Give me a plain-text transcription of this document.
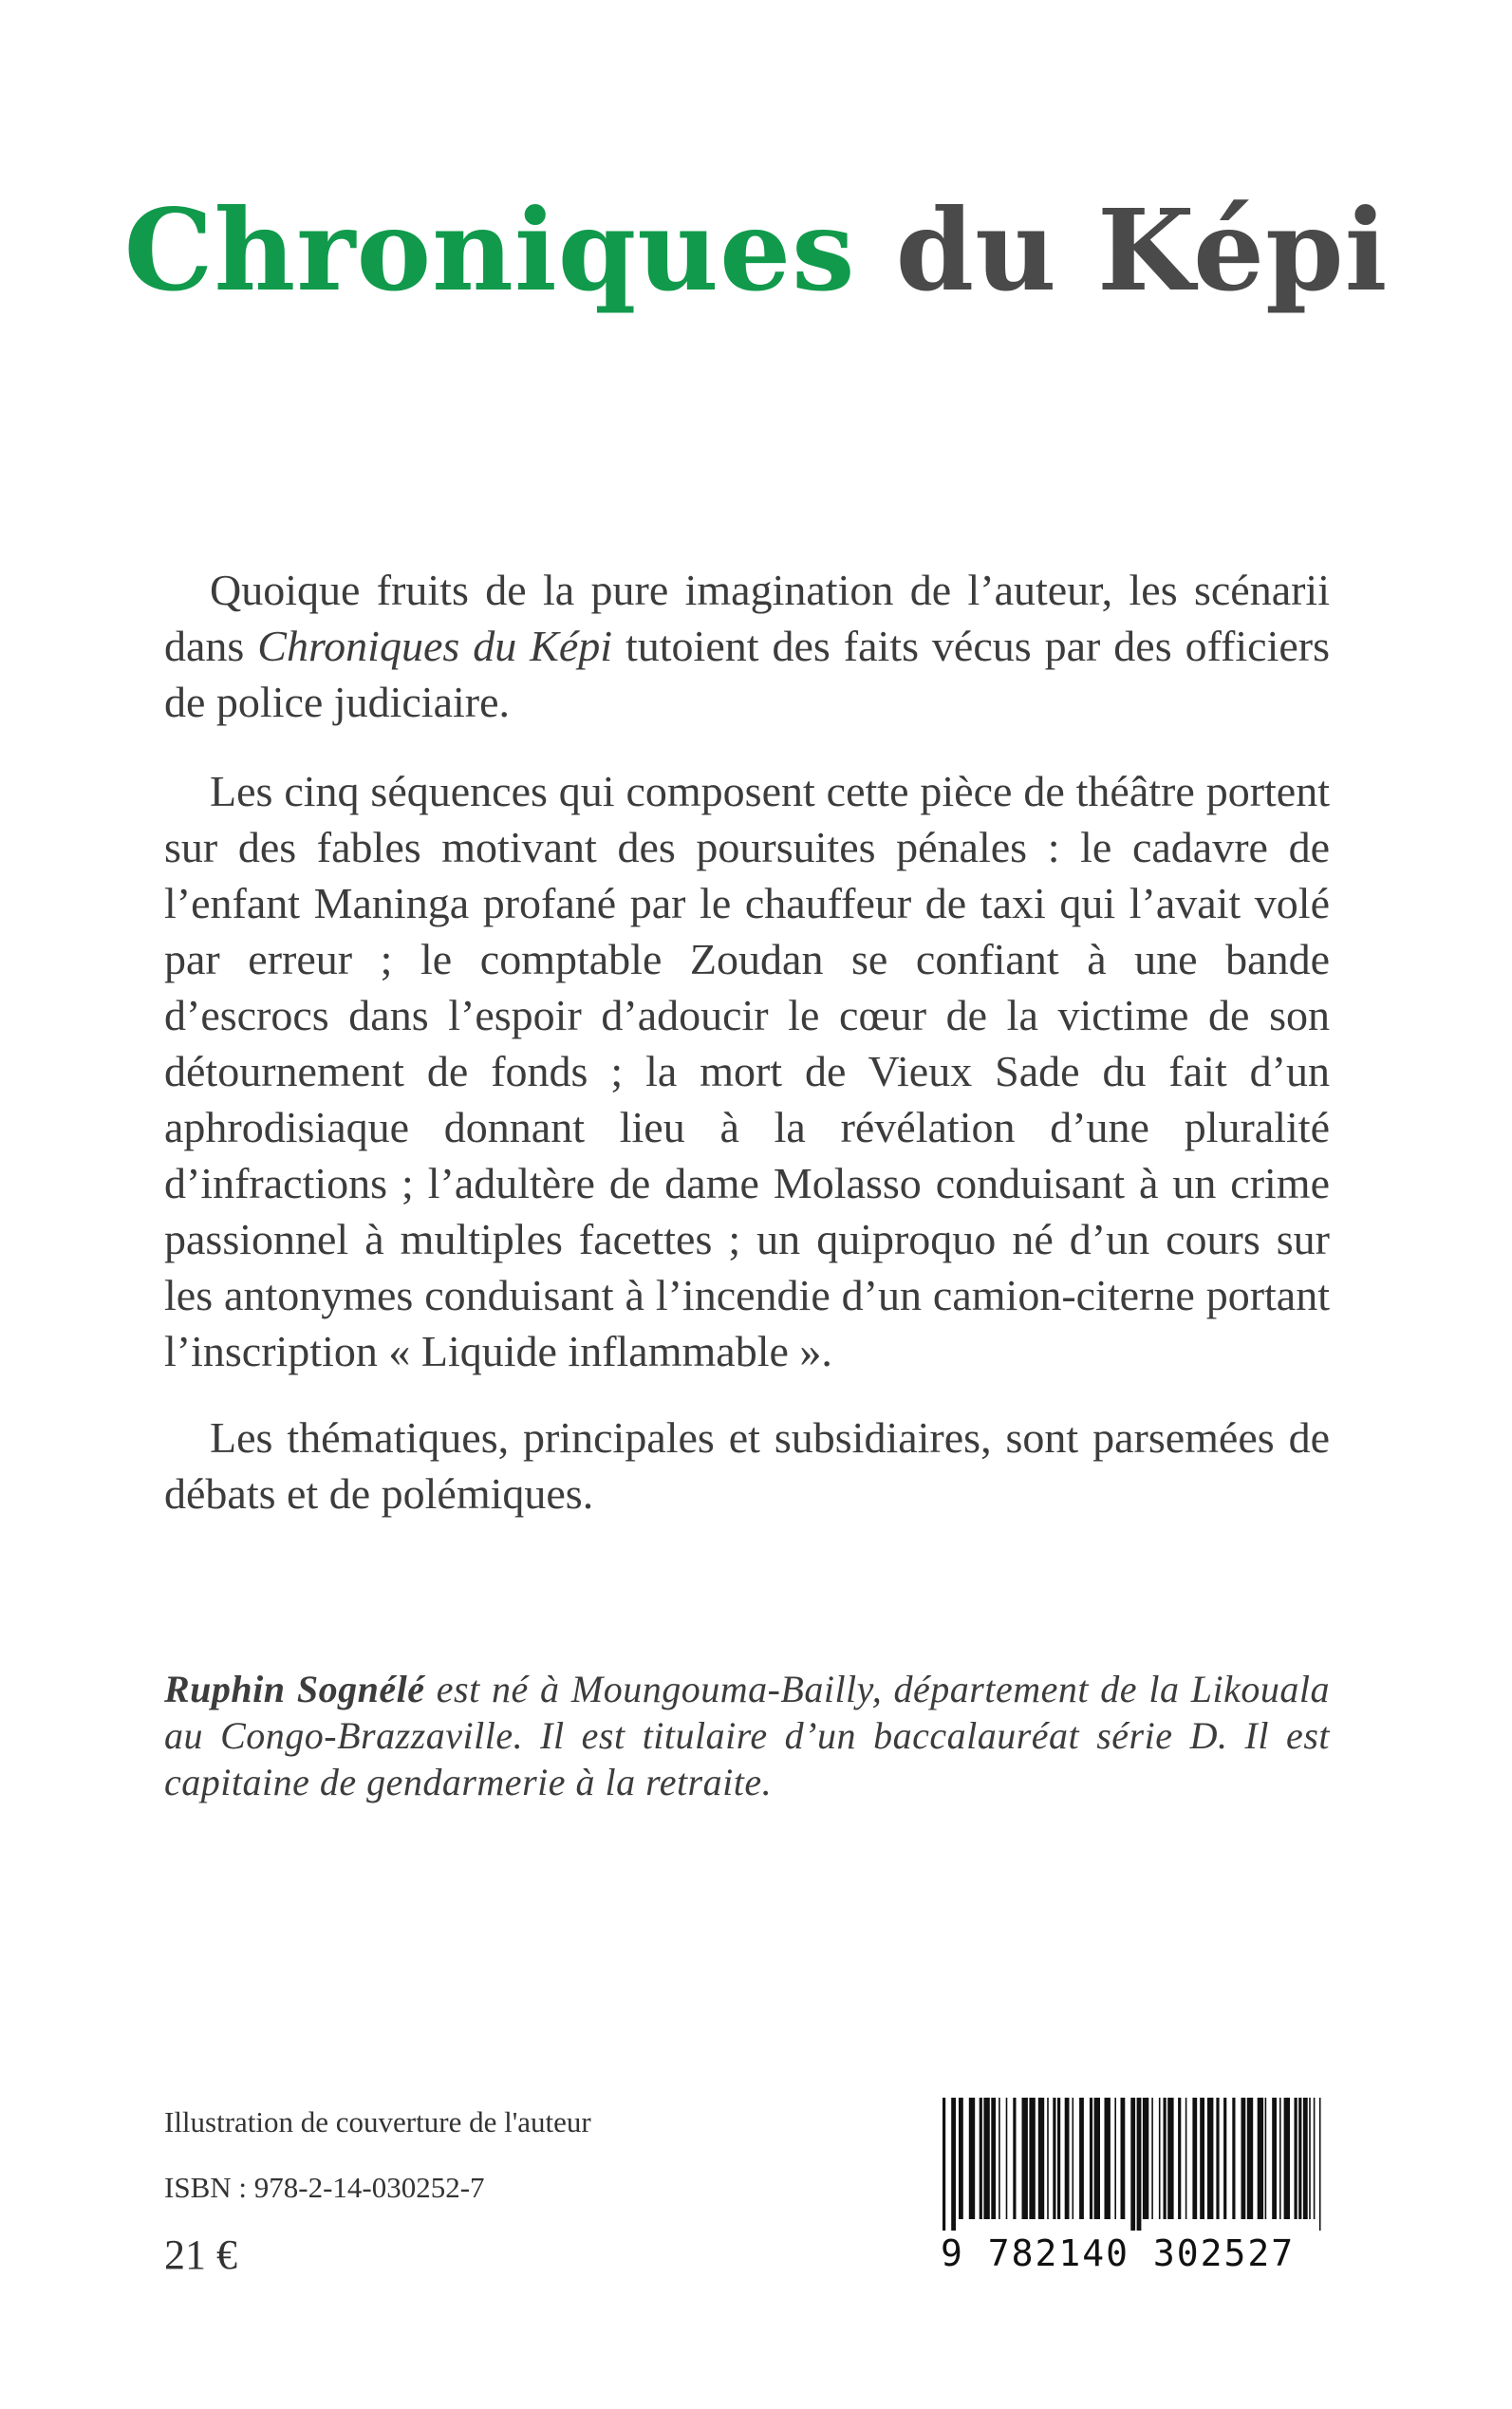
Chroniques du Képi

Quoique fruits de la pure imagination de l’auteur, les scénarii dans Chroniques du Képi tutoient des faits vécus par des officiers de police judiciaire.

Les cinq séquences qui composent cette pièce de théâtre portent sur des fables motivant des poursuites pénales : le cadavre de l’enfant Maninga profané par le chauffeur de taxi qui l’avait volé par erreur ; le comptable Zoudan se confiant à une bande d’escrocs dans l’espoir d’adoucir le cœur de la victime de son détournement de fonds ; la mort de Vieux Sade du fait d’un aphrodisiaque donnant lieu à la révélation d’une pluralité d’infractions ; l’adultère de dame Molasso conduisant à un crime passionnel à multiples facettes ; un quiproquo né d’un cours sur les antonymes conduisant à l’incendie d’un camion-citerne portant l’inscription « Liquide inflammable ».

Les thématiques, principales et subsidiaires, sont parsemées de débats et de polémiques.

Ruphin Sognélé est né à Moungouma-Bailly, département de la Likouala au Congo-Brazzaville. Il est titulaire d’un baccalauréat série D. Il est capitaine de gendarmerie à la retraite.
Illustration de couverture de l'auteur
ISBN : 978-2-14-030252-7
21 €	9 782140 302527
